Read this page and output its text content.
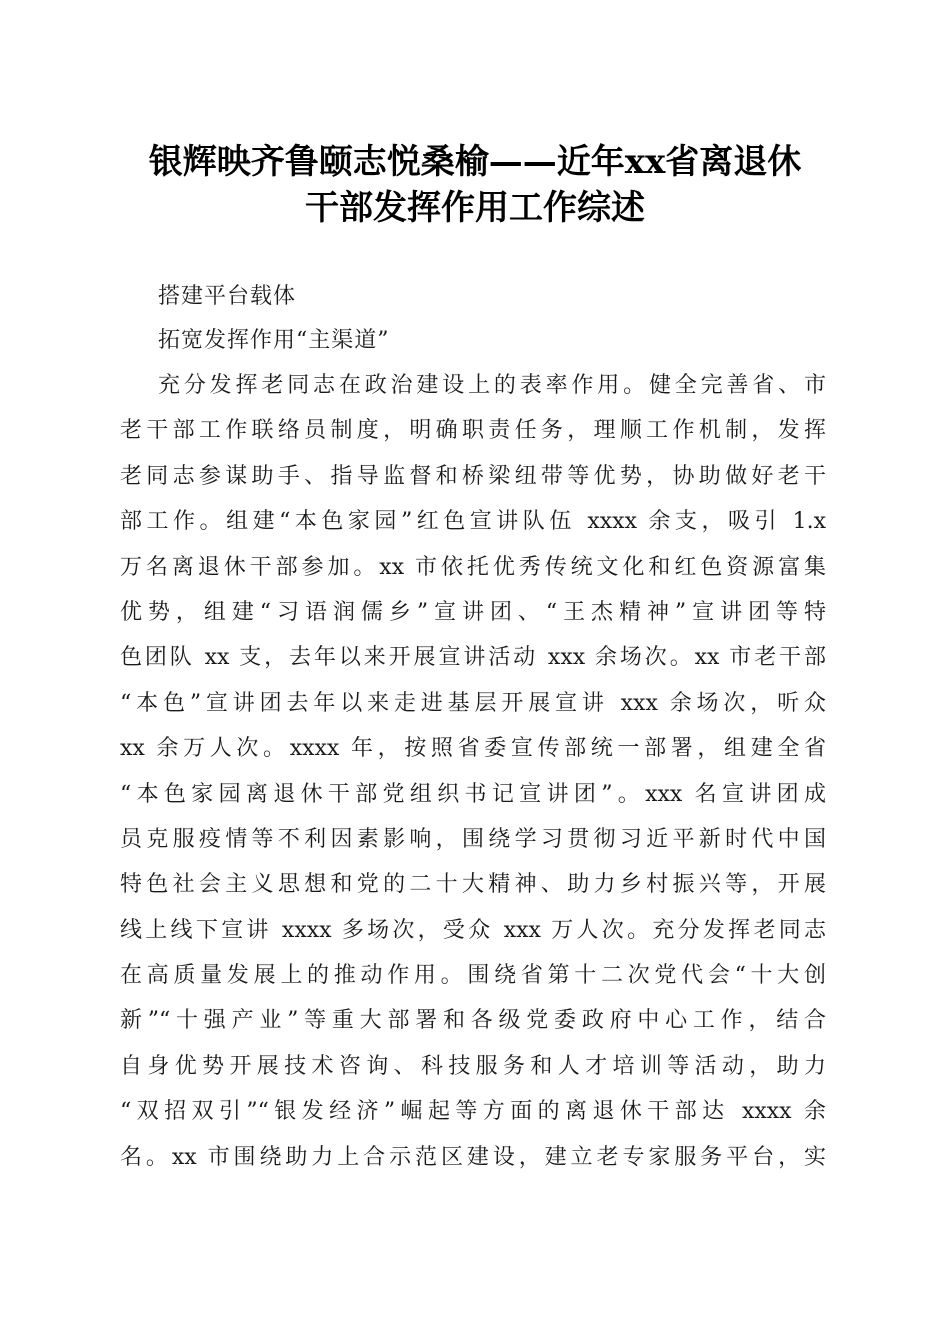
银辉映齐鲁颐志悦桑榆——近年xx省离退休
干部发挥作用工作综述
搭建平台载体
拓宽发挥作用“主渠道”
充分发挥老同志在政治建设上的表率作用。健全完善省、市
老干部工作联络员制度，明确职责任务，理顺工作机制，发挥
老同志参谋助手、指导监督和桥梁纽带等优势，协助做好老干
部工作。组建“本色家园”红色宣讲队伍 xxxx 余支，吸引 1.x
万名离退休干部参加。xx 市依托优秀传统文化和红色资源富集
优势，组建“习语润儒乡”宣讲团、“王杰精神”宣讲团等特
色团队 xx 支，去年以来开展宣讲活动 xxx 余场次。xx 市老干部
“本色”宣讲团去年以来走进基层开展宣讲 xxx 余场次，听众
xx 余万人次。xxxx 年，按照省委宣传部统一部署，组建全省
“本色家园离退休干部党组织书记宣讲团”。xxx 名宣讲团成
员克服疫情等不利因素影响，围绕学习贯彻习近平新时代中国
特色社会主义思想和党的二十大精神、助力乡村振兴等，开展
线上线下宣讲 xxxx 多场次，受众 xxx 万人次。充分发挥老同志
在高质量发展上的推动作用。围绕省第十二次党代会“十大创
新”“十强产业”等重大部署和各级党委政府中心工作，结合
自身优势开展技术咨询、科技服务和人才培训等活动，助力
“双招双引”“银发经济”崛起等方面的离退休干部达 xxxx 余
名。xx 市围绕助力上合示范区建设，建立老专家服务平台，实
